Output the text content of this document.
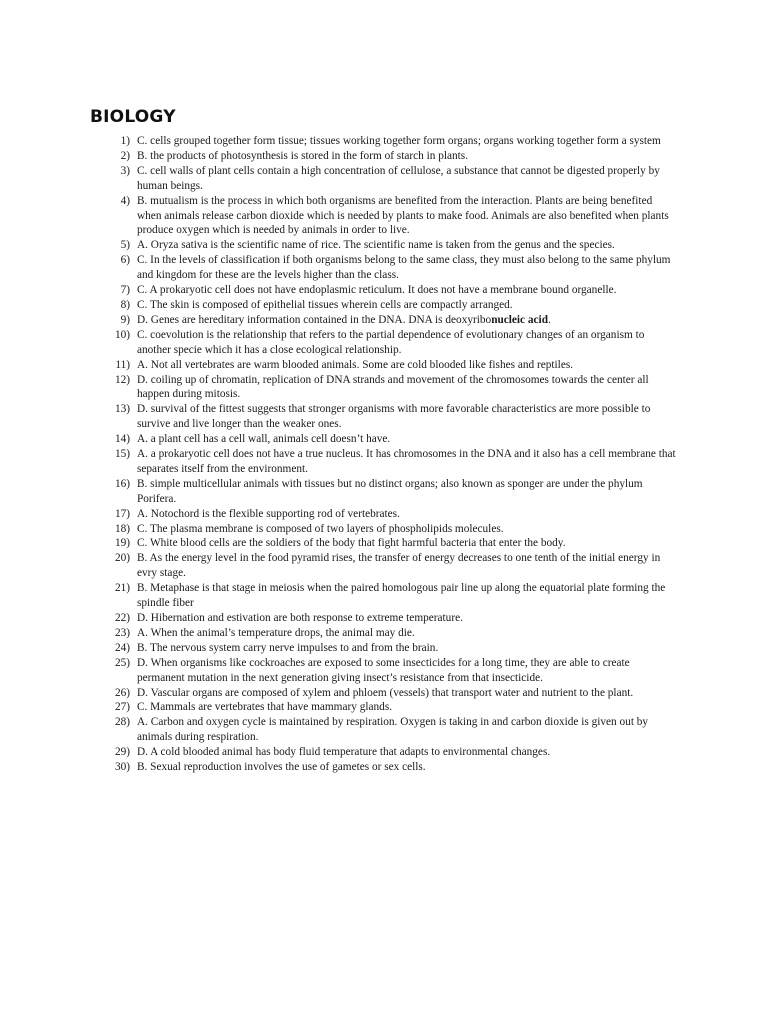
BIOLOGY
1) C. cells grouped together form tissue; tissues working together form organs; organs working together form a system
2) B. the products of photosynthesis is stored in the form of starch in plants.
3) C. cell walls of plant cells contain a high concentration of cellulose, a substance that cannot be digested properly by human beings.
4) B. mutualism is the process in which both organisms are benefited from the interaction. Plants are being benefited when animals release carbon dioxide which is needed by plants to make food. Animals are also benefited when plants produce oxygen which is needed by animals in order to live.
5) A. Oryza sativa is the scientific name of rice. The scientific name is taken from the genus and the species.
6) C. In the levels of classification if both organisms belong to the same class, they must also belong to the same phylum and kingdom for these are the levels higher than the class.
7) C. A prokaryotic cell does not have endoplasmic reticulum. It does not have a membrane bound organelle.
8) C. The skin is composed of epithelial tissues wherein cells are compactly arranged.
9) D. Genes are hereditary information contained in the DNA. DNA is deoxyribonucleic acid.
10) C. coevolution is the relationship that refers to the partial dependence of evolutionary changes of an organism to another specie which it has a close ecological relationship.
11) A. Not all vertebrates are warm blooded animals. Some are cold blooded like fishes and reptiles.
12) D. coiling up of chromatin, replication of DNA strands and movement of the chromosomes towards the center all happen during mitosis.
13) D. survival of the fittest suggests that stronger organisms with more favorable characteristics are more possible to survive and live longer than the weaker ones.
14) A. a plant cell has a cell wall, animals cell doesn’t have.
15) A. a prokaryotic cell does not have a true nucleus. It has chromosomes in the DNA and it also has a cell membrane that separates itself from the environment.
16) B. simple multicellular animals with tissues but no distinct organs; also known as sponger are under the phylum Porifera.
17) A. Notochord is the flexible supporting rod of vertebrates.
18) C. The plasma membrane is composed of two layers of phospholipids molecules.
19) C. White blood cells are the soldiers of the body that fight harmful bacteria that enter the body.
20) B. As the energy level in the food pyramid rises, the transfer of energy decreases to one tenth of the initial energy in evry stage.
21) B. Metaphase is that stage in meiosis when the paired homologous pair line up along the equatorial plate forming the spindle fiber
22) D. Hibernation and estivation are both response to extreme temperature.
23) A. When the animal’s temperature drops, the animal may die.
24) B. The nervous system carry nerve impulses to and from the brain.
25) D. When organisms like cockroaches are exposed to some insecticides for a long time, they are able to create permanent mutation in the next generation giving insect’s resistance from that insecticide.
26) D. Vascular organs are composed of xylem and phloem (vessels) that transport water and nutrient to the plant.
27) C. Mammals are vertebrates that have mammary glands.
28) A. Carbon and oxygen cycle is maintained by respiration. Oxygen is taking in and carbon dioxide is given out by animals during respiration.
29) D. A cold blooded animal has body fluid temperature that adapts to environmental changes.
30) B. Sexual reproduction involves the use of gametes or sex cells.
